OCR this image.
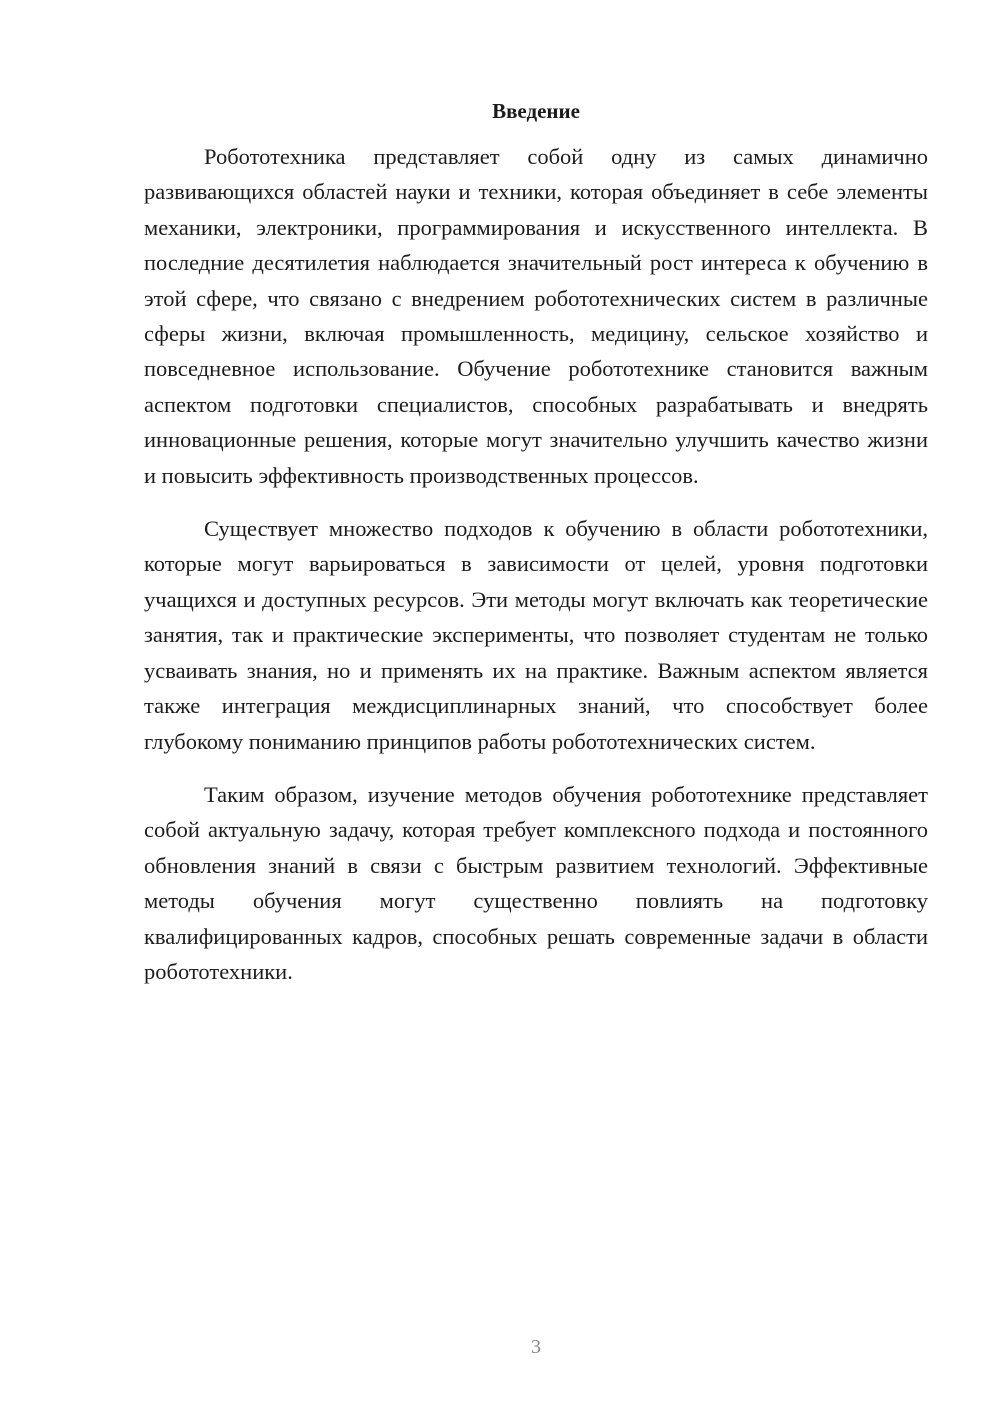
Введение

Робототехника представляет собой одну из самых динамично развивающихся областей науки и техники, которая объединяет в себе элементы механики, электроники, программирования и искусственного интеллекта. В последние десятилетия наблюдается значительный рост интереса к обучению в этой сфере, что связано с внедрением робототехнических систем в различные сферы жизни, включая промышленность, медицину, сельское хозяйство и повседневное использование. Обучение робототехнике становится важным аспектом подготовки специалистов, способных разрабатывать и внедрять инновационные решения, которые могут значительно улучшить качество жизни и повысить эффективность производственных процессов.

Существует множество подходов к обучению в области робототехники, которые могут варьироваться в зависимости от целей, уровня подготовки учащихся и доступных ресурсов. Эти методы могут включать как теоретические занятия, так и практические эксперименты, что позволяет студентам не только усваивать знания, но и применять их на практике. Важным аспектом является также интеграция междисциплинарных знаний, что способствует более глубокому пониманию принципов работы робототехнических систем.

Таким образом, изучение методов обучения робототехнике представляет собой актуальную задачу, которая требует комплексного подхода и постоянного обновления знаний в связи с быстрым развитием технологий. Эффективные методы обучения могут существенно повлиять на подготовку квалифицированных кадров, способных решать современные задачи в области робототехники.

3
